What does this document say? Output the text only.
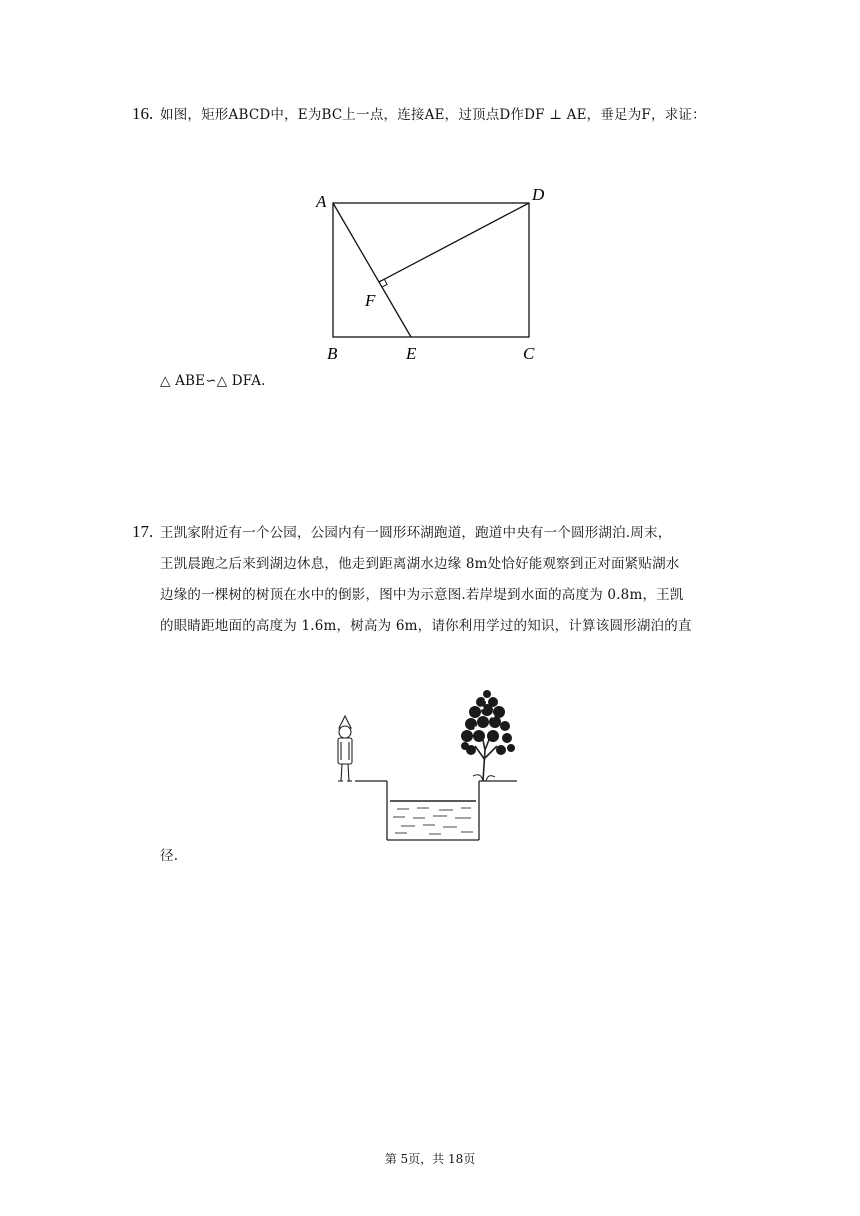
16. 如图，矩形ABCD中，E为BC上一点，连接AE，过顶点D作DF ⊥ AE，垂足为F，求证：
A	D
F
B	E	C
△ ABE∽△ DFA.
17. 王凯家附近有一个公园，公园内有一圆形环湖跑道，跑道中央有一个圆形湖泊.周末，
王凯晨跑之后来到湖边休息，他走到距离湖水边缘 8m处恰好能观察到正对面紧贴湖水
边缘的一棵树的树顶在水中的倒影，图中为示意图.若岸堤到水面的高度为 0.8m，王凯
的眼睛距地面的高度为 1.6m，树高为 6m，请你利用学过的知识，计算该圆形湖泊的直
径.
第 5页，共 18页
